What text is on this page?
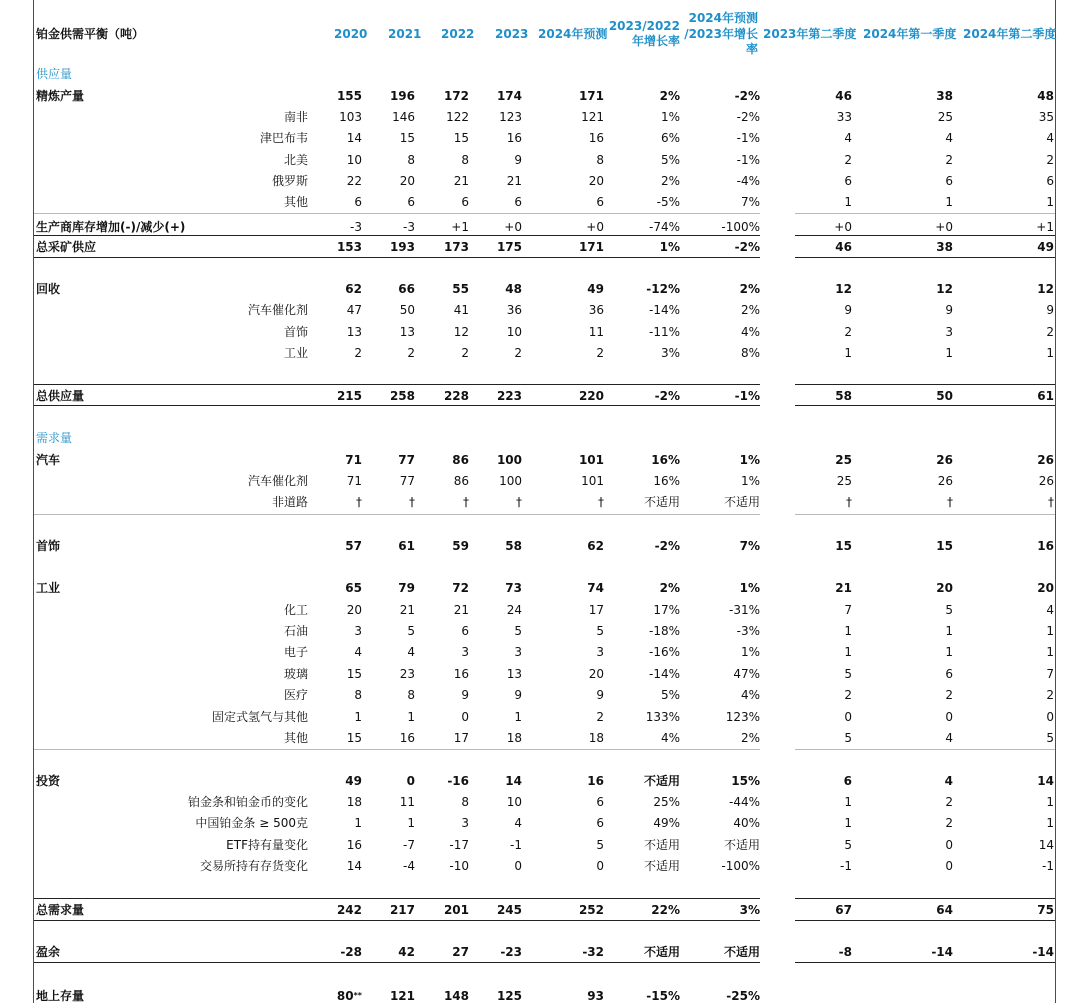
铂金供需平衡（吨）	2020 2021 2022 2023 2024年预测
2023/2022
年增长率
2024年预测
/2023年增长
率
2023年第二季度 2024年第一季度 2024年第二季度
供应量
精炼产量	155 196 172 174	171	2%	-2%	46	38	48
南非	103	146	122	123	121	1%	-2%	33	25	35
津巴布韦	14	15	15	16	16	6%	-1%	4	4	4
北美	10	8	8	9	8	5%	-1%	2	2	2
俄罗斯	22	20	21	21	20	2%	-4%	6	6	6
其他	6	6	6	6	6	-5%	7%	1	1	1
生产商库存增加(-)/减少(+)	-3	-3	+1	+0	+0	-74%	-100%	+0	+0	+1
总采矿供应	153 193 173 175	171	1%	-2%	46	38	49
回收	62	66	55	48	49	-12%	2%	12	12	12
汽车催化剂	47	50	41	36	36	-14%	2%	9	9	9
首饰	13	13	12	10	11	-11%	4%	2	3	2
工业	2	2	2	2	2	3%	8%	1	1	1
总供应量	215 258 228 223	220	-2%	-1%	58	50	61
需求量
汽车	71	77	86 100	101	16%	1%	25	26	26
汽车催化剂	71	77	86	100	101	16%	1%	25	26	26
非道路	†	†	†	†	†	不适用	不适用	†	†	†
首饰	57	61	59	58	62	-2%	7%	15	15	16
工业	65	79	72	73	74	2%	1%	21	20	20
化工	20	21	21	24	17	17%	-31%	7	5	4
石油	3	5	6	5	5	-18%	-3%	1	1	1
电子	4	4	3	3	3	-16%	1%	1	1	1
玻璃	15	23	16	13	20	-14%	47%	5	6	7
医疗	8	8	9	9	9	5%	4%	2	2	2
固定式氢气与其他	1	1	0	1	2	133%	123%	0	0	0
其他	15	16	17	18	18	4%	2%	5	4	5
投资	49	0	-16	14	16	不适用	15%	6	4	14
铂金条和铂金币的变化	18	11	8	10	6	25%	-44%	1	2	1
中国铂金条 ≥ 500克	1	1	3	4	6	49%	40%	1	2	1
ETF持有量变化	16	-7	-17	-1	5	不适用	不适用	5	0	14
交易所持有存货变化	14	-4	-10	0	0	不适用	-100%	-1	0	-1
总需求量	242 217 201 245	252	22%	3%	67	64	75
盈余	-28	42	27	-23	-32	不适用	不适用	-8	-14	-14
地上存量	80** 121 148 125	93	-15%	-25%
